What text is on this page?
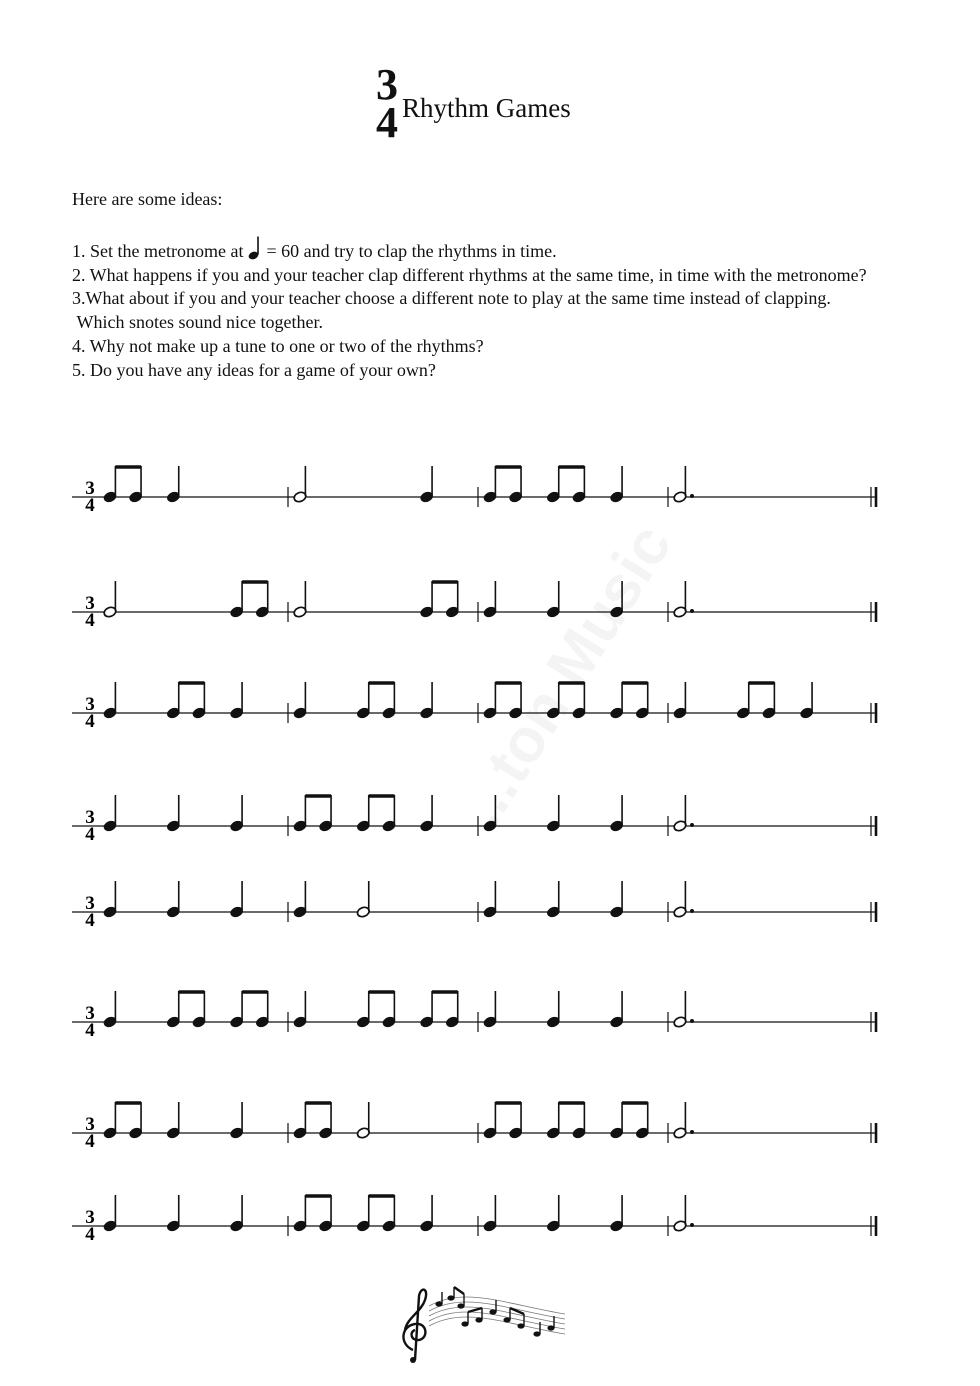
3
4 Rhythm Games
Here are some ideas:
1. Set the metronome at  = 60 and try to clap the rhythms in time.
2. What happens if you and your teacher clap different rhythms at the same time, in time with the metronome?
3.What about if you and your teacher choose a different note to play at the same time instead of clapping.
Which snotes sound nice together.
4. Why not make up a tune to one or two of the rhythms?
5. Do you have any ideas for a game of your own?
3
4
3
4
3
4
3
4
3
4
3
4
3
4
3
4
